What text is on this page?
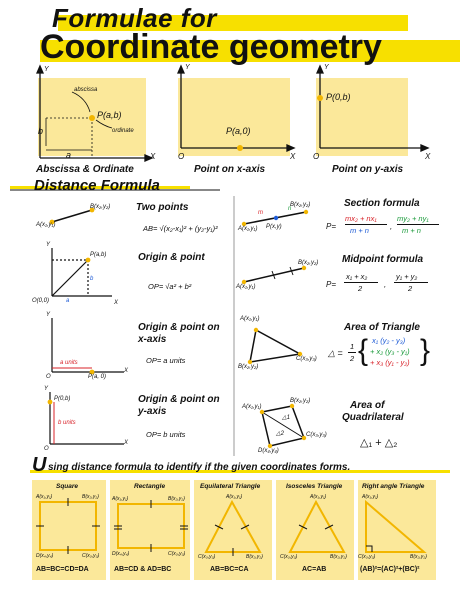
Formulae for
Coordinate geometry
Y
X
abscissa
ordinate
P(a,b)
b
a
Abscissa & Ordinate
Y
X
O
P(a,0)
Point on x-axis
Y
X
O
P(0,b)
Point on y-axis
Distance Formula
A(x₁,y₁)
B(x₂,y₂)	Two points
AB= √(x₂-x₁)² + (y₂-y₁)²
P(a,b)
O(0,0)
Y
X
a
b
Origin & point
OP= √a² + b²
Y
X
O
a units
P(a, 0)
Origin & point on
x-axis
OP= a units
Y
X
O
b units
P(0,b)	Origin & point on
y-axis
OP= b units
Section formula
A(x₁,y₁)
B(x₂,y₂)
P(x,y)
m
n
P=
mx₂ + nx₁
m + n	,
my₂ + ny₁
m + n
Midpoint formula
A(x₁,y₁)
B(x₂,y₂)
P=
x₁ + x₂
2	,
y₁ + y₂
2
Area of Triangle
A(x₁,y₁)
B(x₂,y₂)
C(x₃,y₃)
△ =
1
2 { x₁ (y₂ - y₃)
+ x₂ (y₃ - y₁)
+ x₃ (y₁ - y₂) }
Area of
Quadrilateral
A(x₁,y₁)
B(x₂,y₂)
C(x₃,y₃)
D(x₄,y₄)
△1
△2
△₁ + △₂
U sing distance formula to identify if the given coordinates forms.
Square
A(x₁,y₁)	B(x₂,y₂)
C(x₃,y₃)
D(x₄,y₄)
AB=BC=CD=DA
Rectangle
A(x₁,y₁)	B(x₂,y₂)
C(x₃,y₃)
D(x₄,y₄)
AB=CD & AD=BC
Equilateral Triangle
A(x₁,y₁)
C(x₃,y₃)	B(x₂,y₂)
AB=BC=CA
Isosceles Triangle
A(x₁,y₁)
C(x₃,y₃)	B(x₂,y₂)
AC=AB
Right angle Triangle
A(x₁,y₁)
C(x₃,y₃)	B(x₂,y₂)
(AB)²=(AC)²+(BC)²
